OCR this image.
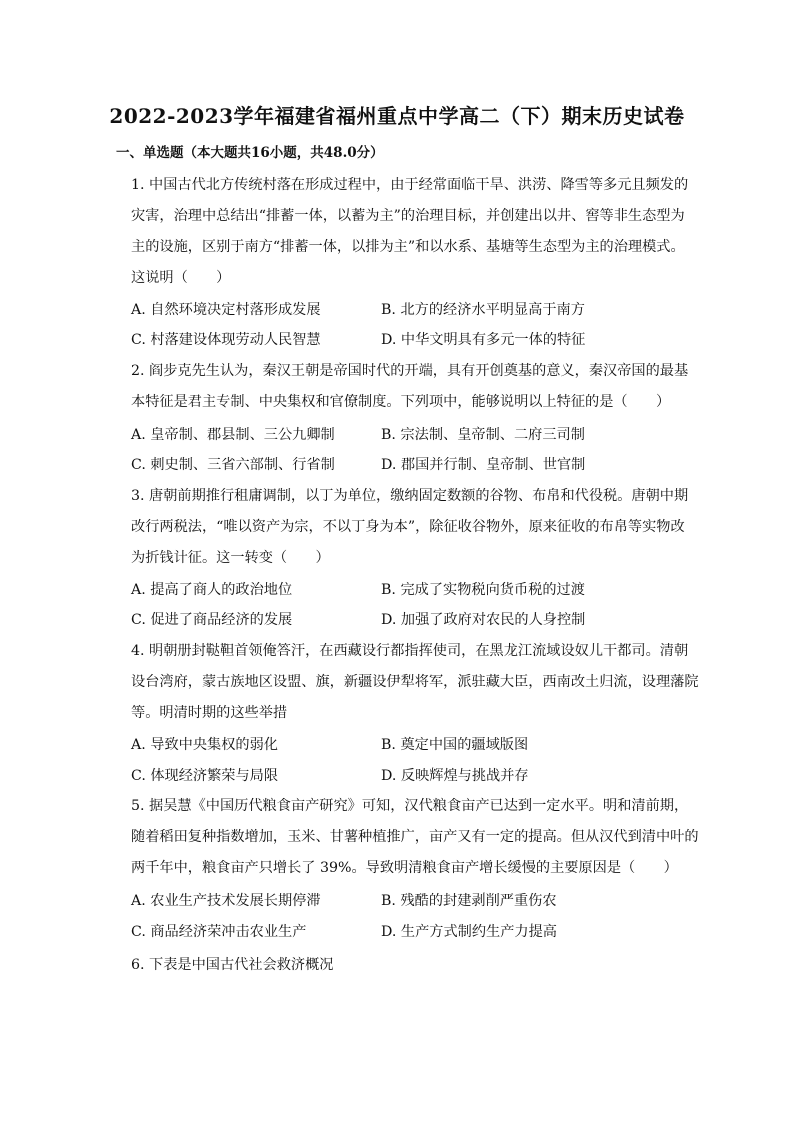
2022-2023学年福建省福州重点中学高二（下）期末历史试卷
一、单选题（本大题共16小题，共48.0分）
1. 中国古代北方传统村落在形成过程中，由于经常面临干旱、洪涝、降雪等多元且频发的
灾害，治理中总结出“排蓄一体，以蓄为主”的治理目标，并创建出以井、窖等非生态型为
主的设施，区别于南方“排蓄一体，以排为主”和以水系、基塘等生态型为主的治理模式。
这说明（　　）
A. 自然环境决定村落形成发展	B. 北方的经济水平明显高于南方
C. 村落建设体现劳动人民智慧	D. 中华文明具有多元一体的特征
2. 阎步克先生认为，秦汉王朝是帝国时代的开端，具有开创奠基的意义，秦汉帝国的最基
本特征是君主专制、中央集权和官僚制度。下列项中，能够说明以上特征的是（　　）
A. 皇帝制、郡县制、三公九卿制	B. 宗法制、皇帝制、二府三司制
C. 刺史制、三省六部制、行省制	D. 郡国并行制、皇帝制、世官制
3. 唐朝前期推行租庸调制，以丁为单位，缴纳固定数额的谷物、布帛和代役税。唐朝中期
改行两税法，“唯以资产为宗，不以丁身为本”，除征收谷物外，原来征收的布帛等实物改
为折钱计征。这一转变（　　）
A. 提高了商人的政治地位	B. 完成了实物税向货币税的过渡
C. 促进了商品经济的发展	D. 加强了政府对农民的人身控制
4. 明朝册封鞑靼首领俺答汗，在西藏设行都指挥使司，在黑龙江流域设奴儿干都司。清朝
设台湾府，蒙古族地区设盟、旗，新疆设伊犁将军，派驻藏大臣，西南改土归流，设理藩院
等。明清时期的这些举措
A. 导致中央集权的弱化	B. 奠定中国的疆域版图
C. 体现经济繁荣与局限	D. 反映辉煌与挑战并存
5. 据吴慧《中国历代粮食亩产研究》可知，汉代粮食亩产已达到一定水平。明和清前期，
随着稻田复种指数增加，玉米、甘薯种植推广，亩产又有一定的提高。但从汉代到清中叶的
两千年中，粮食亩产只增长了 39%。导致明清粮食亩产增长缓慢的主要原因是（　　）
A. 农业生产技术发展长期停滞	B. 残酷的封建剥削严重伤农
C. 商品经济荣冲击农业生产	D. 生产方式制约生产力提高
6. 下表是中国古代社会救济概况
